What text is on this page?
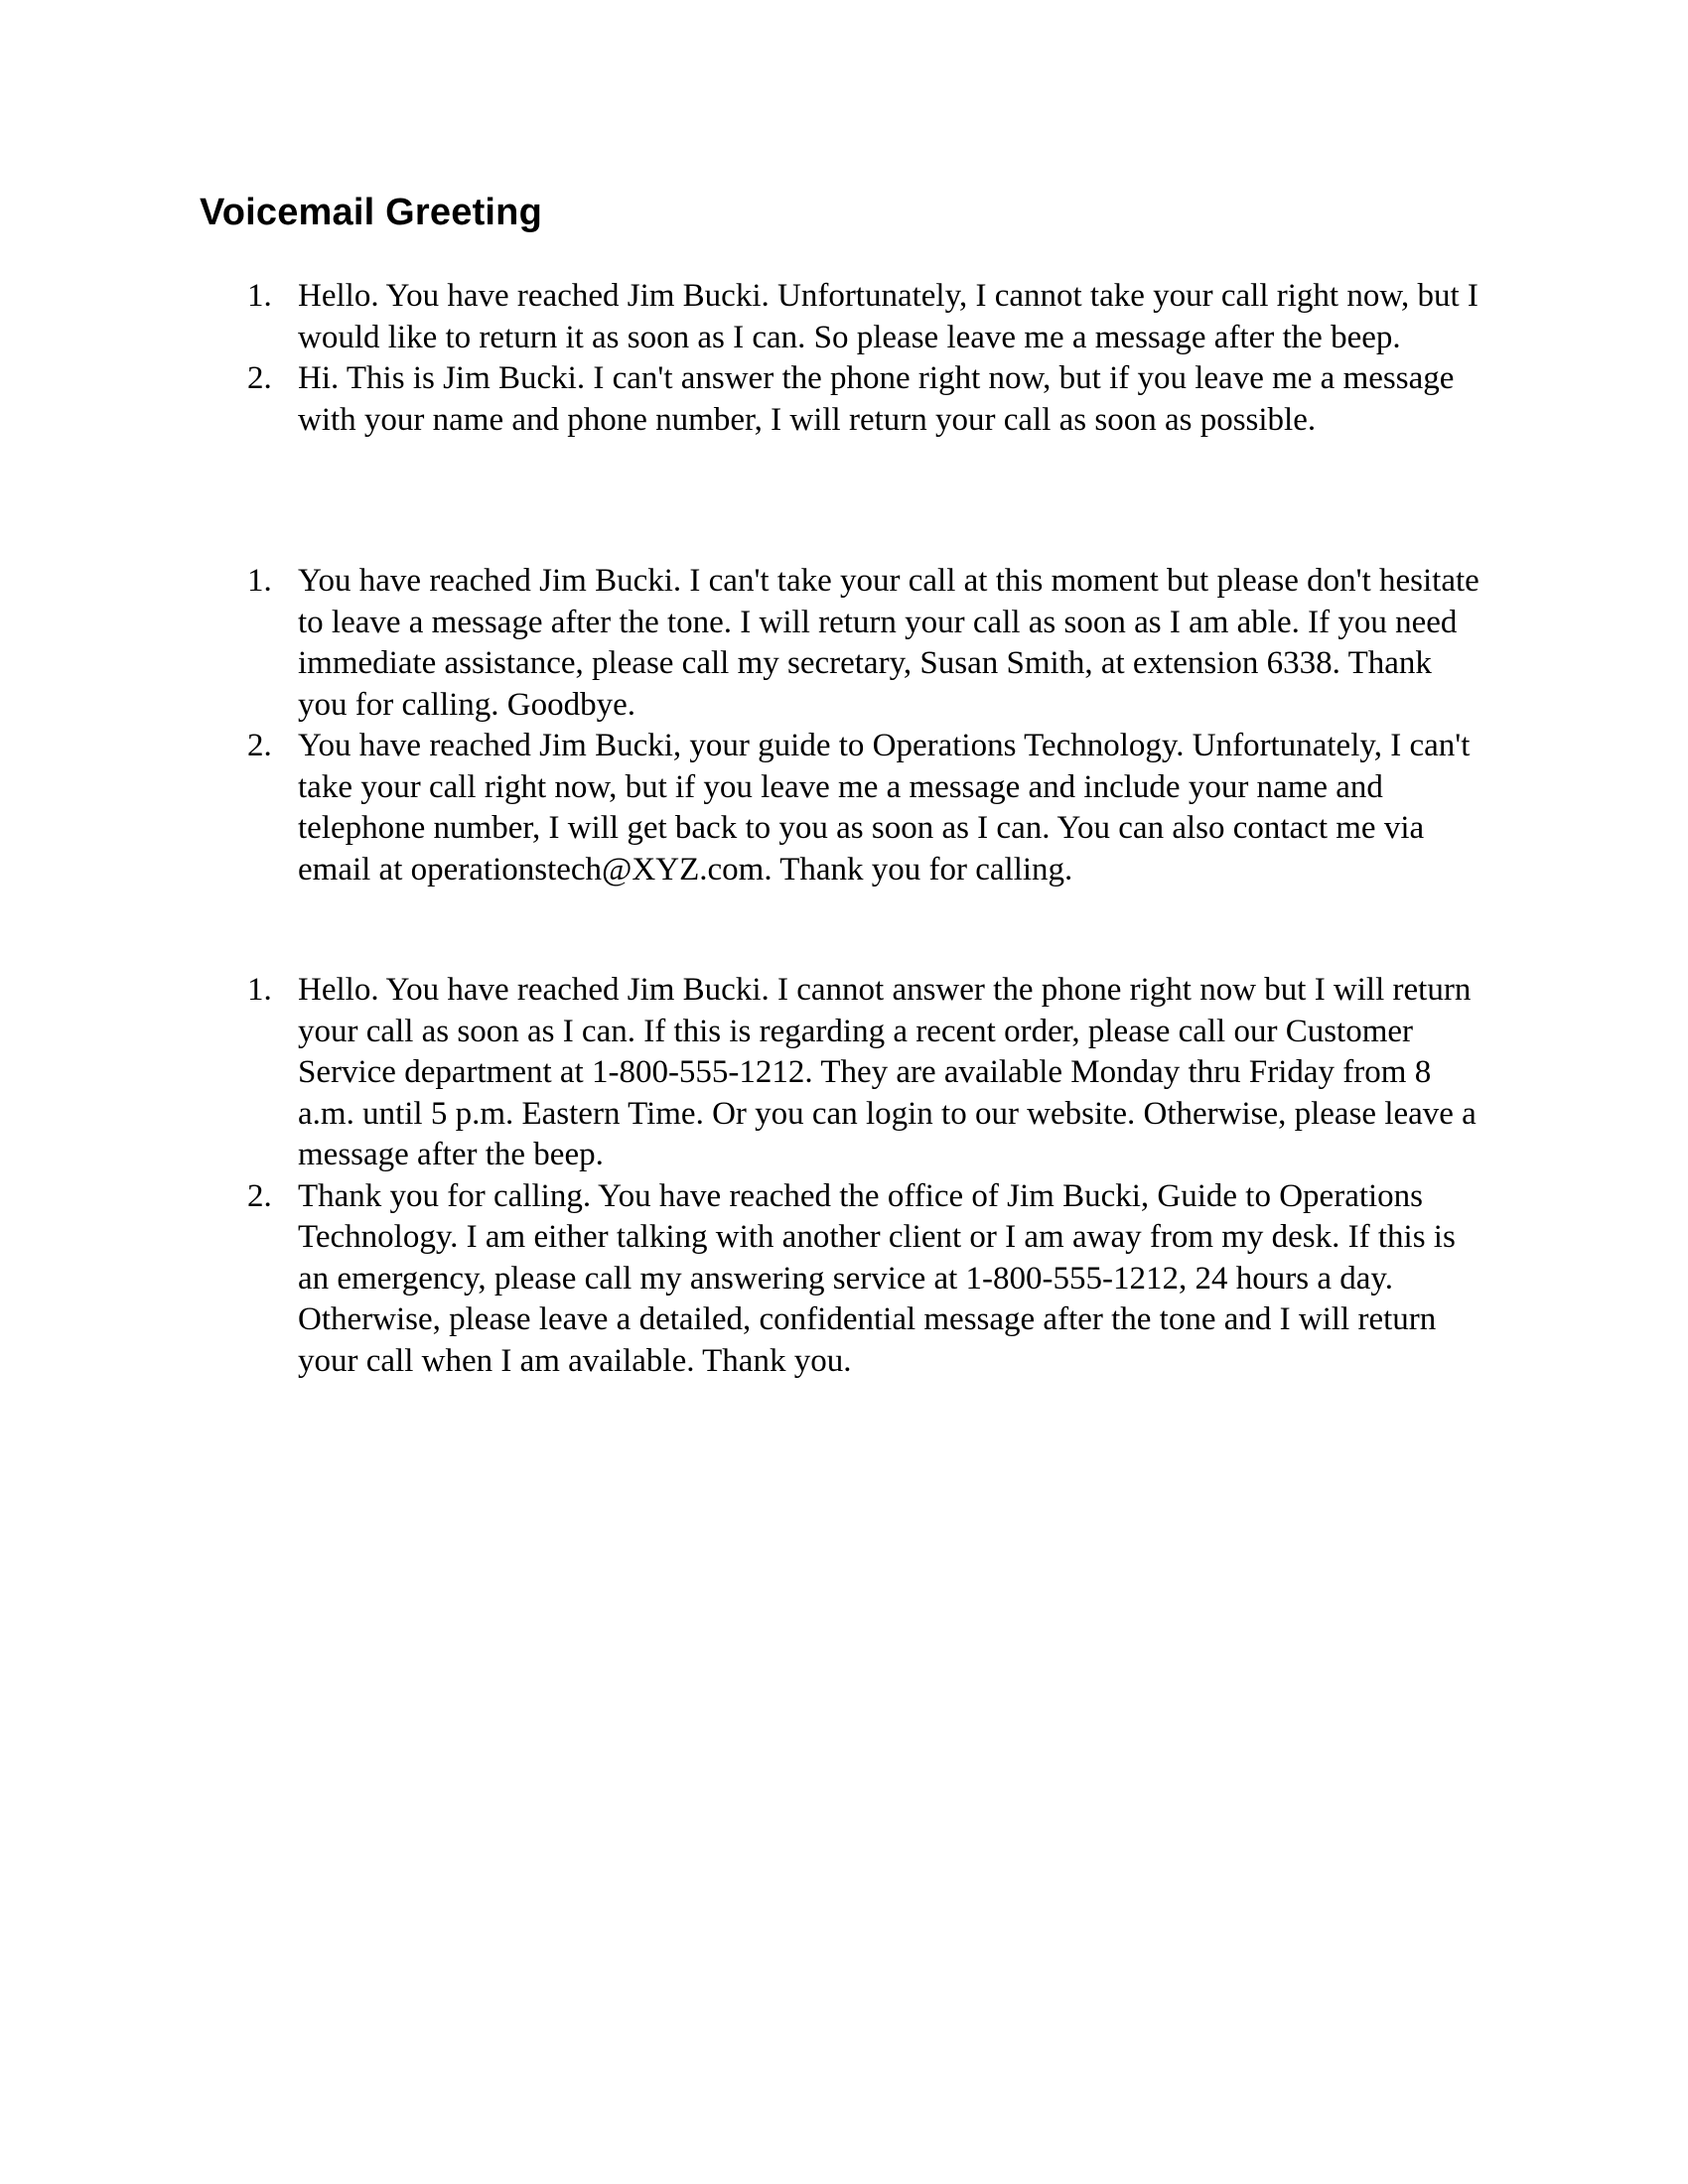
Voicemail Greeting
1. Hello. You have reached Jim Bucki. Unfortunately, I cannot take your call right now, but I would like to return it as soon as I can. So please leave me a message after the beep.
2. Hi. This is Jim Bucki. I can't answer the phone right now, but if you leave me a message with your name and phone number, I will return your call as soon as possible.
1. You have reached Jim Bucki. I can't take your call at this moment but please don't hesitate to leave a message after the tone. I will return your call as soon as I am able. If you need immediate assistance, please call my secretary, Susan Smith, at extension 6338. Thank you for calling. Goodbye.
2. You have reached Jim Bucki, your guide to Operations Technology. Unfortunately, I can't take your call right now, but if you leave me a message and include your name and telephone number, I will get back to you as soon as I can. You can also contact me via email at operationstech@XYZ.com. Thank you for calling.
1. Hello. You have reached Jim Bucki. I cannot answer the phone right now but I will return your call as soon as I can. If this is regarding a recent order, please call our Customer Service department at 1-800-555-1212. They are available Monday thru Friday from 8 a.m. until 5 p.m. Eastern Time. Or you can login to our website. Otherwise, please leave a message after the beep.
2. Thank you for calling. You have reached the office of Jim Bucki, Guide to Operations Technology. I am either talking with another client or I am away from my desk. If this is an emergency, please call my answering service at 1-800-555-1212, 24 hours a day. Otherwise, please leave a detailed, confidential message after the tone and I will return your call when I am available. Thank you.
